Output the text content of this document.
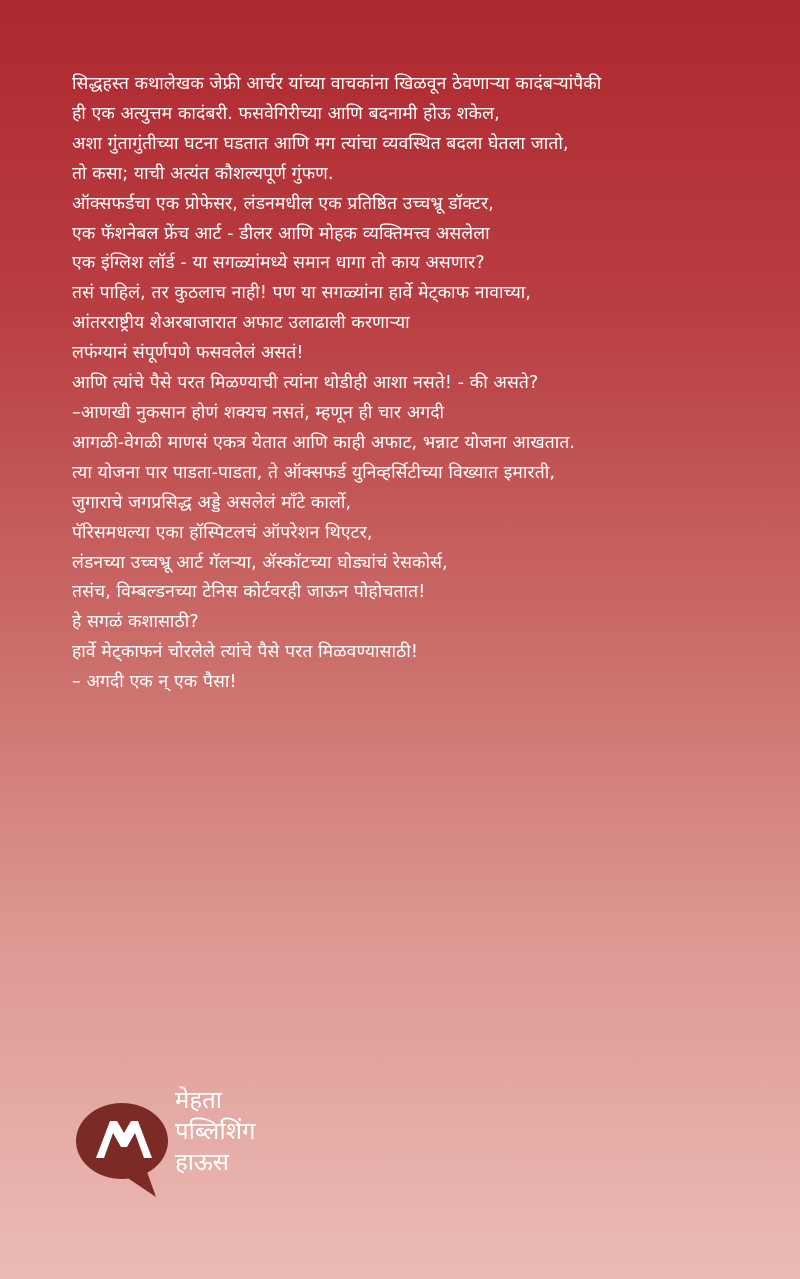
सिद्धहस्त कथालेखक जेफ्री आर्चर यांच्या वाचकांना खिळवून ठेवणाऱ्या कादंबऱ्यांपैकी
ही एक अत्युत्तम कादंबरी. फसवेगिरीच्या आणि बदनामी होऊ शकेल,
अशा गुंतागुंतीच्या घटना घडतात आणि मग त्यांचा व्यवस्थित बदला घेतला जातो,
तो कसा; याची अत्यंत कौशल्यपूर्ण गुंफण.
ऑक्सफर्डचा एक प्रोफेसर, लंडनमधील एक प्रतिष्ठित उच्चभ्रू डॉक्टर,
एक फॅशनेबल फ्रेंच आर्ट - डीलर आणि मोहक व्यक्तिमत्त्व असलेला
एक इंग्लिश लॉर्ड - या सगळ्यांमध्ये समान धागा तो काय असणार?
तसं पाहिलं, तर कुठलाच नाही! पण या सगळ्यांना हार्वे मेट्काफ नावाच्या,
आंतरराष्ट्रीय शेअरबाजारात अफाट उलाढाली करणाऱ्या
लफंग्यानं संपूर्णपणे फसवलेलं असतं!
आणि त्यांचे पैसे परत मिळण्याची त्यांना थोडीही आशा नसते! - की असते?
–आणखी नुकसान होणं शक्यच नसतं, म्हणून ही चार अगदी
आगळी-वेगळी माणसं एकत्र येतात आणि काही अफाट, भन्नाट योजना आखतात.
त्या योजना पार पाडता-पाडता, ते ऑक्सफर्ड युनिव्हर्सिटीच्या विख्यात इमारती,
जुगाराचे जगप्रसिद्ध अड्डे असलेलं माँटे कार्लो,
पॅरिसमधल्या एका हॉस्पिटलचं ऑपरेशन थिएटर,
लंडनच्या उच्चभ्रू आर्ट गॅलऱ्या, ॲस्कॉटच्या घोड्यांचं रेसकोर्स,
तसंच, विम्बल्डनच्या टेनिस कोर्टवरही जाऊन पोहोचतात!
हे सगळं कशासाठी?
हार्वे मेट्काफनं चोरलेले त्यांचे पैसे परत मिळवण्यासाठी!
– अगदी एक न् एक पैसा!
मेहता
पब्लिशिंग
हाऊस
